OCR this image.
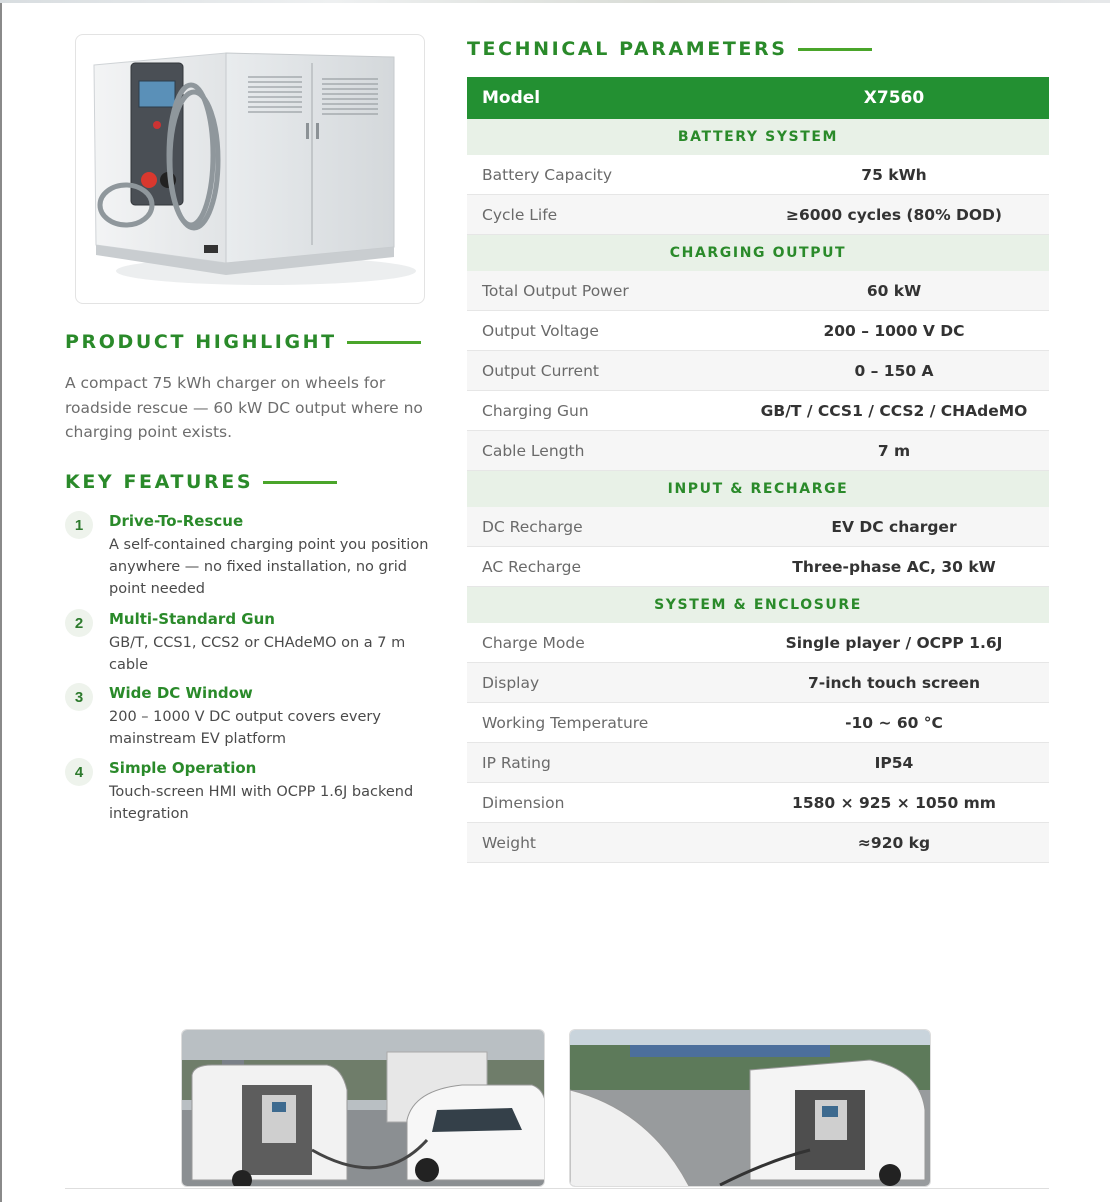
PRODUCT HIGHLIGHT
A compact 75 kWh charger on wheels for roadside rescue — 60 kW DC output where no charging point exists.
KEY FEATURES
1	Drive-To-Rescue
A self-contained charging point you position anywhere — no fixed installation, no grid point needed
2	Multi-Standard Gun
GB/T, CCS1, CCS2 or CHAdeMO on a 7 m cable
3	Wide DC Window
200 – 1000 V DC output covers every mainstream EV platform
4	Simple Operation
Touch-screen HMI with OCPP 1.6J backend integration
TECHNICAL PARAMETERS
Model	X7560
BATTERY SYSTEM
Battery Capacity	75 kWh
Cycle Life	≥6000 cycles (80% DOD)
CHARGING OUTPUT
Total Output Power	60 kW
Output Voltage	200 – 1000 V DC
Output Current	0 – 150 A
Charging Gun	GB/T / CCS1 / CCS2 / CHAdeMO
Cable Length	7 m
INPUT & RECHARGE
DC Recharge	EV DC charger
AC Recharge	Three-phase AC, 30 kW
SYSTEM & ENCLOSURE
Charge Mode	Single player / OCPP 1.6J
Display	7-inch touch screen
Working Temperature	-10 ~ 60 °C
IP Rating	IP54
Dimension	1580 × 925 × 1050 mm
Weight	≈920 kg
